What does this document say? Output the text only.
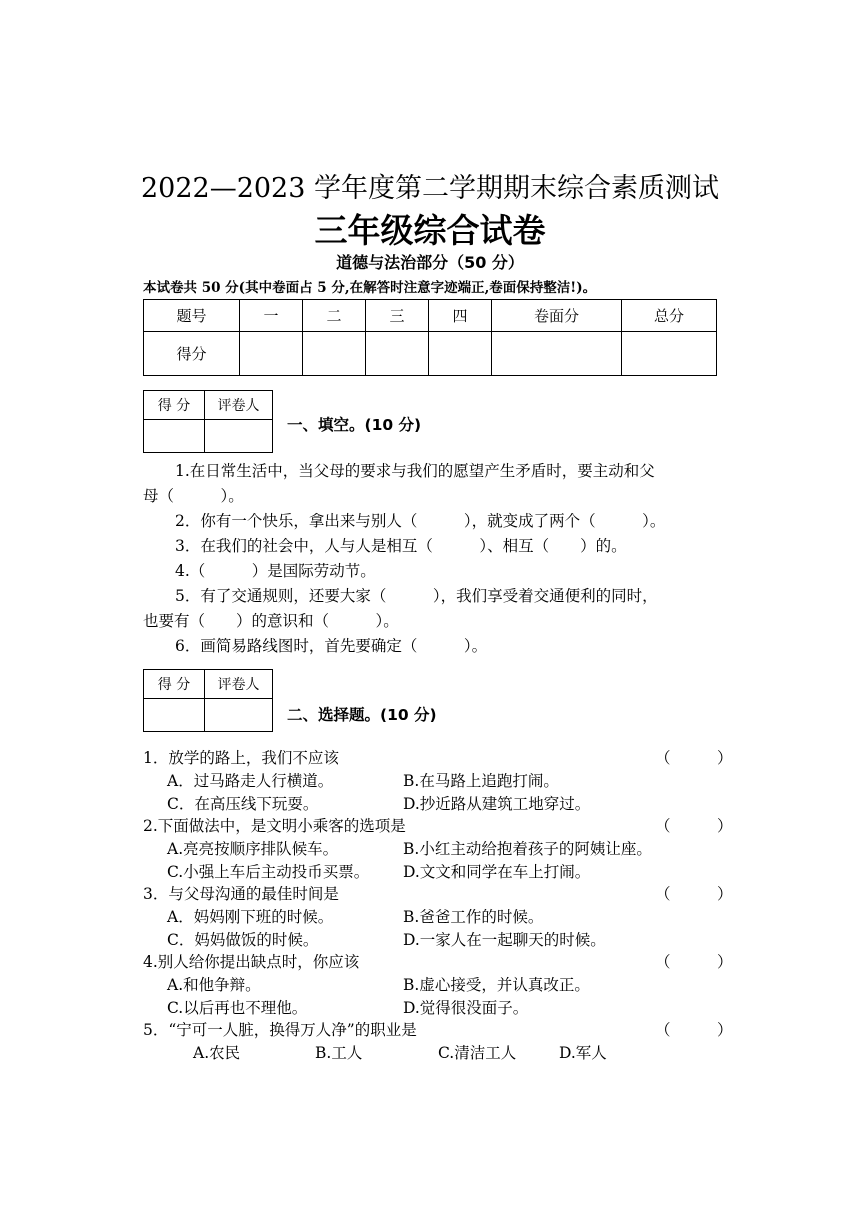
2022—2023 学年度第二学期期末综合素质测试
三年级综合试卷
道德与法治部分（50 分）
本试卷共 50 分(其中卷面占 5 分,在解答时注意字迹端正,卷面保持整洁!)。
题号	一	二	三	四	卷面分	总分
得分						
得 分	评卷人

一、填空。(10 分)
1.在日常生活中，当父母的要求与我们的愿望产生矛盾时，要主动和父
母（　　　）。
2．你有一个快乐，拿出来与别人（　　　），就变成了两个（　　　）。
3．在我们的社会中，人与人是相互（　　　）、相互（　　）的。
4.（　　　）是国际劳动节。
5．有了交通规则，还要大家（　　　），我们享受着交通便利的同时，
也要有（　　）的意识和（　　　）。
6．画简易路线图时，首先要确定（　　　）。
得 分	评卷人

二、选择题。(10 分)
1．放学的路上，我们不应该	（　　　）
A．过马路走人行横道。	B.在马路上追跑打闹。
C．在高压线下玩耍。	D.抄近路从建筑工地穿过。
2.下面做法中，是文明小乘客的选项是	（　　　）
A.亮亮按顺序排队候车。	B.小红主动给抱着孩子的阿姨让座。
C.小强上车后主动投币买票。 D.文文和同学在车上打闹。
3．与父母沟通的最佳时间是	（　　　）
A．妈妈刚下班的时候。	B.爸爸工作的时候。
C．妈妈做饭的时候。	D.一家人在一起聊天的时候。
4.别人给你提出缺点时，你应该	（　　　）
A.和他争辩。	B.虚心接受，并认真改正。
C.以后再也不理他。	D.觉得很没面子。
5．“宁可一人脏，换得万人净”的职业是	（　　　）
A.农民	B.工人	C.清洁工人	D.军人
